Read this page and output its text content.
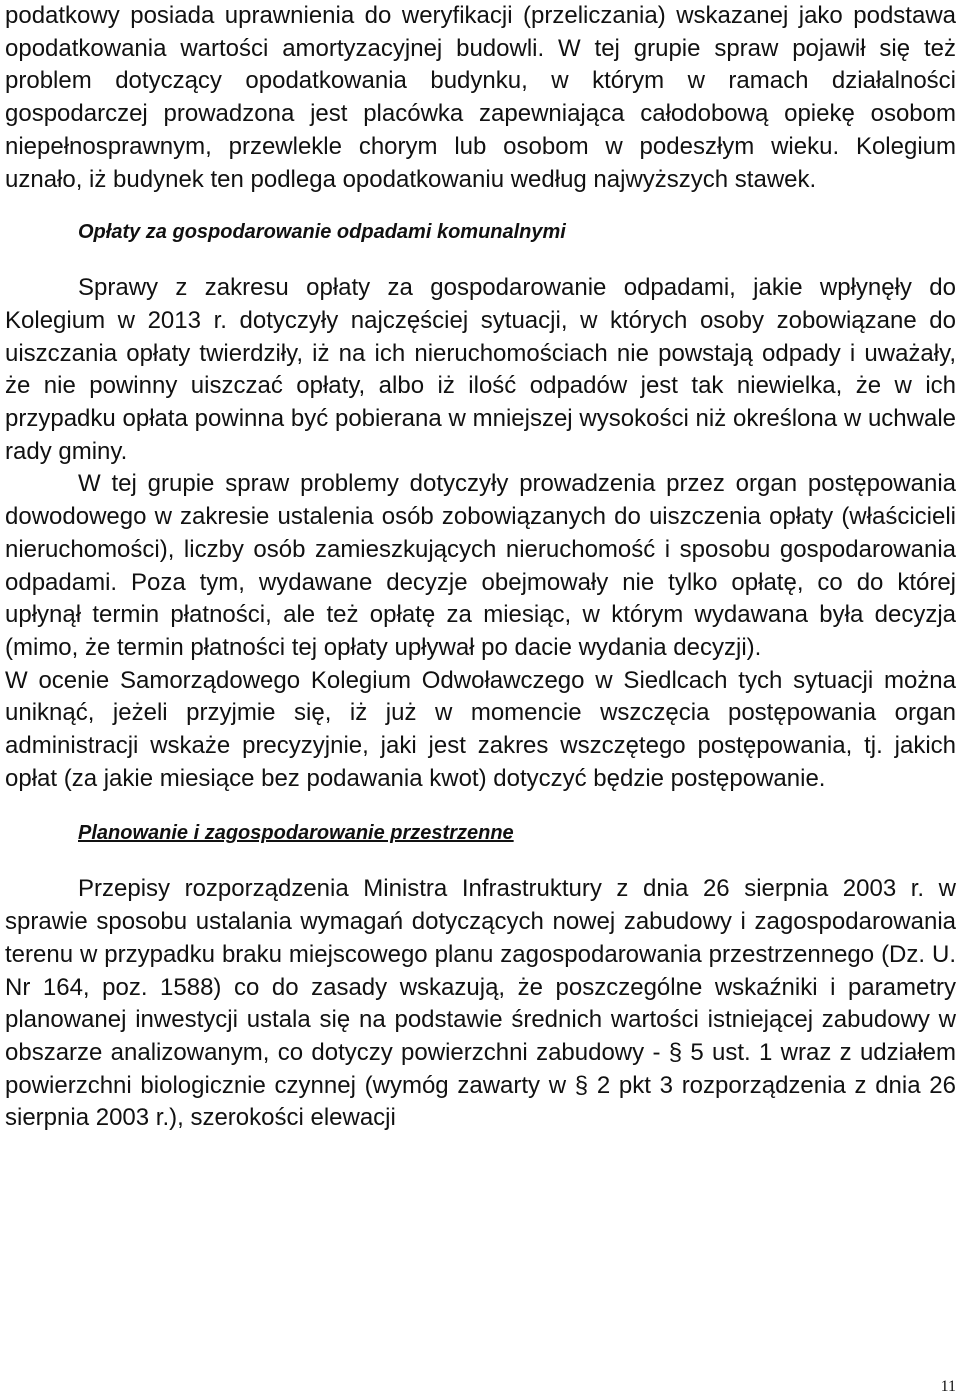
podatkowy posiada uprawnienia do weryfikacji (przeliczania) wskazanej jako podstawa opodatkowania wartości amortyzacyjnej budowli. W tej grupie spraw pojawił się też problem dotyczący opodatkowania budynku, w którym w ramach działalności gospodarczej prowadzona jest placówka zapewniająca całodobową opiekę osobom niepełnosprawnym, przewlekle chorym lub osobom w podeszłym wieku. Kolegium uznało, iż budynek ten podlega opodatkowaniu według najwyższych stawek.

Opłaty za gospodarowanie odpadami komunalnymi

Sprawy z zakresu opłaty za gospodarowanie odpadami, jakie wpłynęły do Kolegium w 2013 r. dotyczyły najczęściej sytuacji, w których osoby zobowiązane do uiszczania opłaty twierdziły, iż na ich nieruchomościach nie powstają odpady i uważały, że nie powinny uiszczać opłaty, albo iż ilość odpadów jest tak niewielka, że w ich przypadku opłata powinna być pobierana w mniejszej wysokości niż określona w uchwale rady gminy.

W tej grupie spraw problemy dotyczyły prowadzenia przez organ postępowania dowodowego w zakresie ustalenia osób zobowiązanych do uiszczenia opłaty (właścicieli nieruchomości), liczby osób zamieszkujących nieruchomość i sposobu gospodarowania odpadami. Poza tym, wydawane decyzje obejmowały nie tylko opłatę, co do której upłynął termin płatności, ale też opłatę za miesiąc, w którym wydawana była decyzja (mimo, że termin płatności tej opłaty upływał po dacie wydania decyzji).

W ocenie Samorządowego Kolegium Odwoławczego w Siedlcach tych sytuacji można uniknąć, jeżeli przyjmie się, iż już w momencie wszczęcia postępowania organ administracji wskaże precyzyjnie, jaki jest zakres wszczętego postępowania, tj. jakich opłat (za jakie miesiące bez podawania kwot) dotyczyć będzie postępowanie.

Planowanie i zagospodarowanie przestrzenne

Przepisy rozporządzenia Ministra Infrastruktury z dnia 26 sierpnia 2003 r. w sprawie sposobu ustalania wymagań dotyczących nowej zabudowy i zagospodarowania terenu w przypadku braku miejscowego planu zagospodarowania przestrzennego (Dz. U. Nr 164, poz. 1588) co do zasady wskazują, że poszczególne wskaźniki i parametry planowanej inwestycji ustala się na podstawie średnich wartości istniejącej zabudowy w obszarze analizowanym, co dotyczy powierzchni zabudowy - § 5 ust. 1 wraz z udziałem powierzchni biologicznie czynnej (wymóg zawarty w § 2 pkt 3 rozporządzenia z dnia 26 sierpnia 2003 r.), szerokości elewacji

11
